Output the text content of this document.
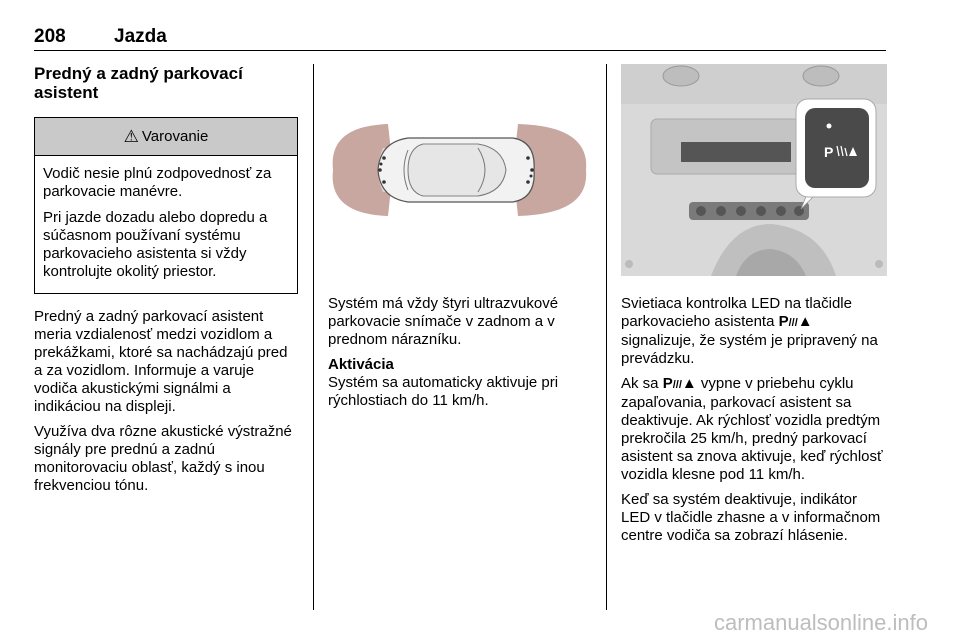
208	Jazda
Predný a zadný parkovací
asistent
⚠ Varovanie

Vodič nesie plnú zodpovednosť za parkovacie manévre.

Pri jazde dozadu alebo dopredu a súčasnom používaní systému parkovacieho asistenta si vždy kontrolujte okolitý priestor.

Predný a zadný parkovací asistent meria vzdialenosť medzi vozidlom a prekážkami, ktoré sa nachádzajú pred a za vozidlom. Informuje a varuje vodiča akustickými signálmi a indikáciou na displeji.

Využíva dva rôzne akustické výstražné signály pre prednú a zadnú monitorovaciu oblasť, každý s inou frekvenciou tónu.

Systém má vždy štyri ultrazvukové parkovacie snímače v zadnom a v prednom nárazníku.

Aktivácia

Systém sa automaticky aktivuje pri rýchlostiach do 11 km/h.

P

Svietiaca kontrolka LED na tlačidle parkovacieho asistenta P///▲ signalizuje, že systém je pripravený na prevádzku.

Ak sa P///▲ vypne v priebehu cyklu zapaľovania, parkovací asistent sa deaktivuje. Ak rýchlosť vozidla predtým prekročila 25 km/h, predný parkovací asistent sa znova aktivuje, keď rýchlosť vozidla klesne pod 11 km/h.

Keď sa systém deaktivuje, indikátor LED v tlačidle zhasne a v informačnom centre vodiča sa zobrazí hlásenie.

carmanualsonline.info
